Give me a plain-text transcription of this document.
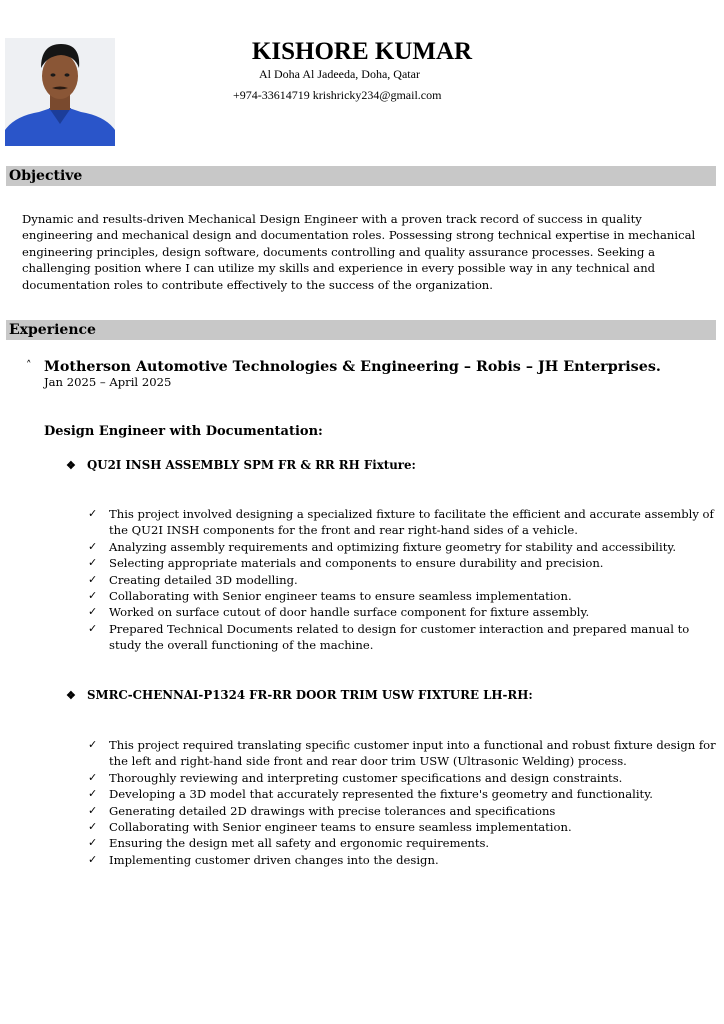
KISHORE KUMAR
Al Doha Al Jadeeda, Doha, Qatar
+974-33614719 krishricky234@gmail.com
Objective
Dynamic and results-driven Mechanical Design Engineer with a proven track record of success in quality engineering and mechanical design and documentation roles. Possessing strong technical expertise in mechanical engineering principles, design software, documents controlling and quality assurance processes. Seeking a challenging position where I can utilize my skills and experience in every possible way in any technical and documentation roles to contribute effectively to the success of the organization.
Experience
˄ Motherson Automotive Technologies & Engineering – Robis – JH Enterprises.
Jan 2025 – April 2025
Design Engineer with Documentation:
❖ QU2I INSH ASSEMBLY SPM FR & RR RH Fixture:
✓ This project involved designing a specialized fixture to facilitate the efficient and accurate assembly of the QU2I INSH components for the front and rear right-hand sides of a vehicle.
✓ Analyzing assembly requirements and optimizing fixture geometry for stability and accessibility.
✓ Selecting appropriate materials and components to ensure durability and precision.
✓ Creating detailed 3D modelling.
✓ Collaborating with Senior engineer teams to ensure seamless implementation.
✓ Worked on surface cutout of door handle surface component for fixture assembly.
✓ Prepared Technical Documents related to design for customer interaction and prepared manual to study the overall functioning of the machine.
❖ SMRC-CHENNAI-P1324 FR-RR DOOR TRIM USW FIXTURE LH-RH:
✓ This project required translating specific customer input into a functional and robust fixture design for the left and right-hand side front and rear door trim USW (Ultrasonic Welding) process.
✓ Thoroughly reviewing and interpreting customer specifications and design constraints.
✓ Developing a 3D model that accurately represented the fixture's geometry and functionality.
✓ Generating detailed 2D drawings with precise tolerances and specifications
✓ Collaborating with Senior engineer teams to ensure seamless implementation.
✓ Ensuring the design met all safety and ergonomic requirements.
✓ Implementing customer driven changes into the design.
